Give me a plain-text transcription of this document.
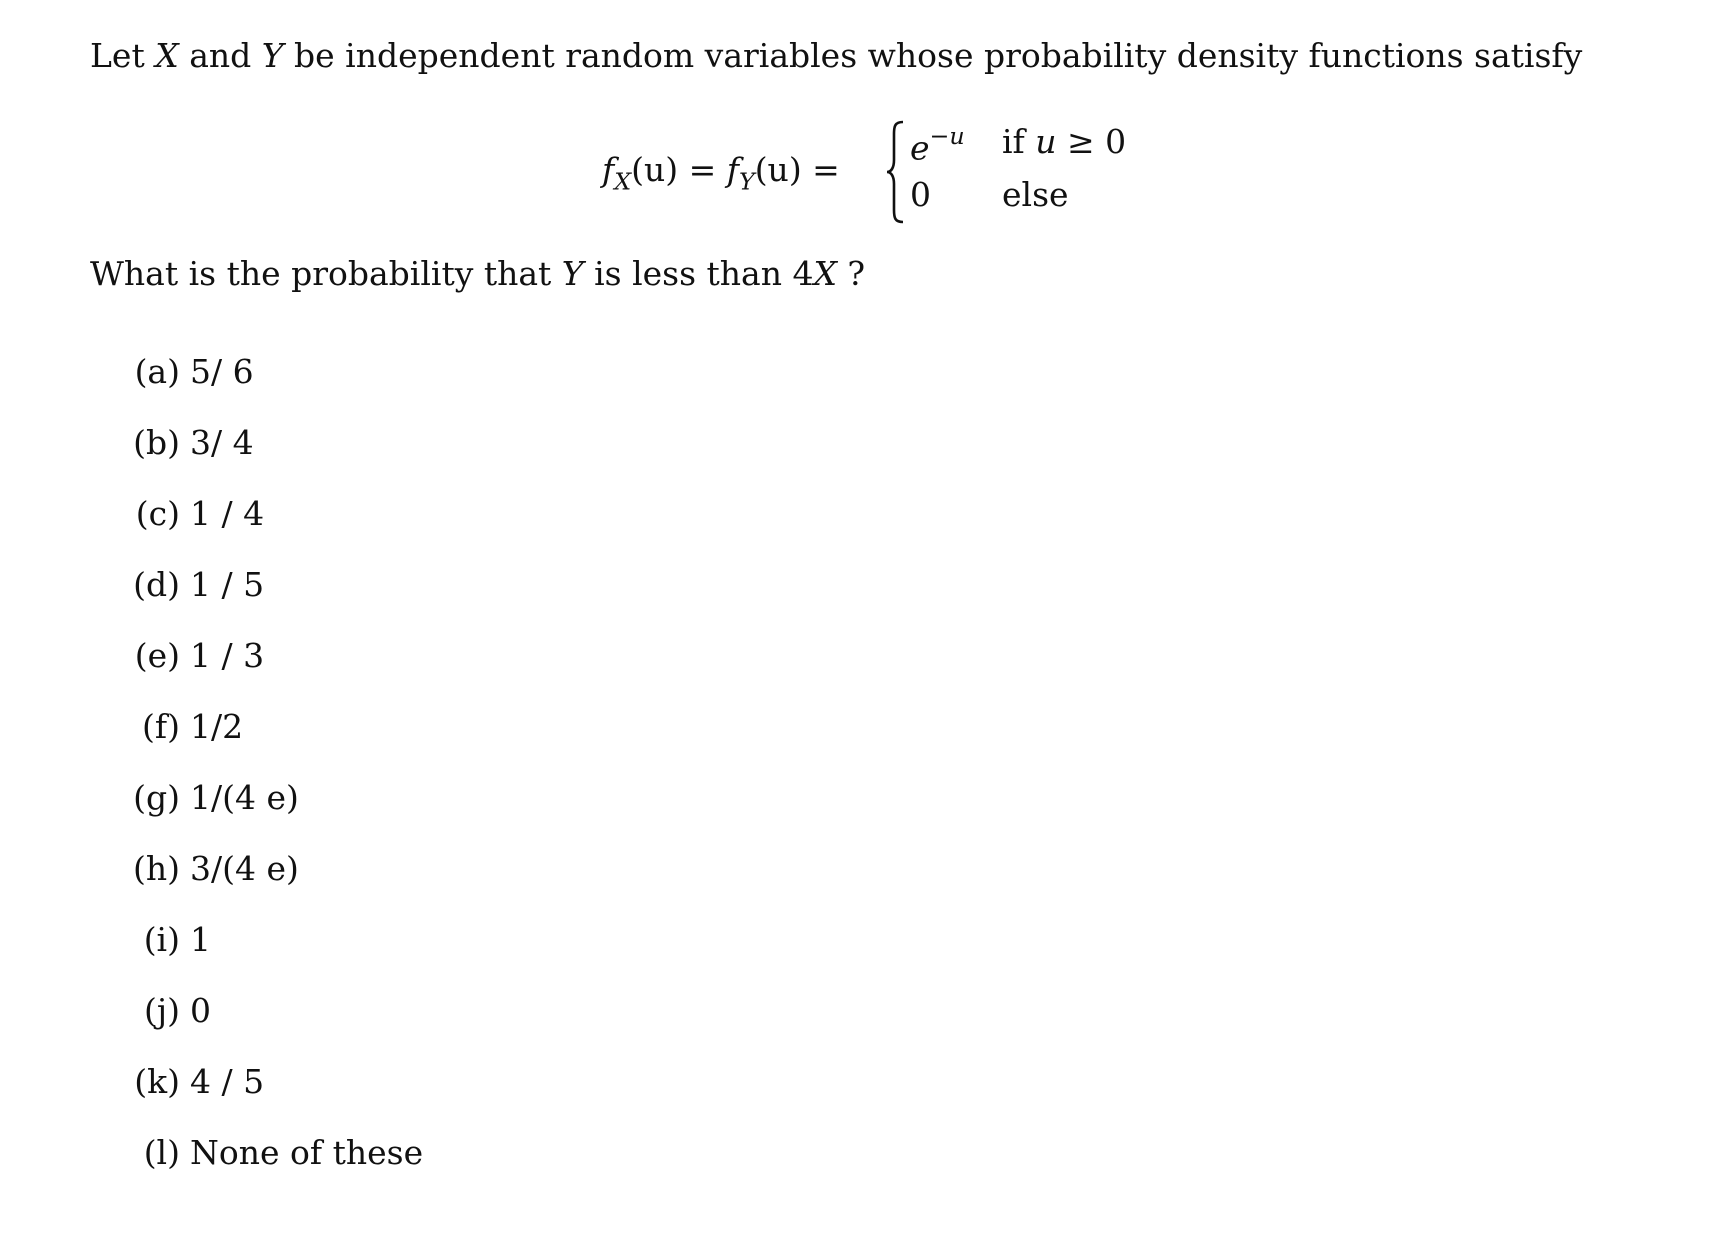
Let X and Y be independent random variables whose probability density functions satisfy
$f_X(u) = f_Y(u)$ =
$e^{-u}$ if u ≥ 0
0 else
What is the probability that Y is less than 4X ?
(a) 5/ 6
(b) 3/ 4
(c) 1 / 4
(d) 1 / 5
(e) 1 / 3
(f) 1/2
(g) 1/(4 e)
(h) 3/(4 e)
(i) 1
(j) 0
(k) 4 / 5
(l) None of these
